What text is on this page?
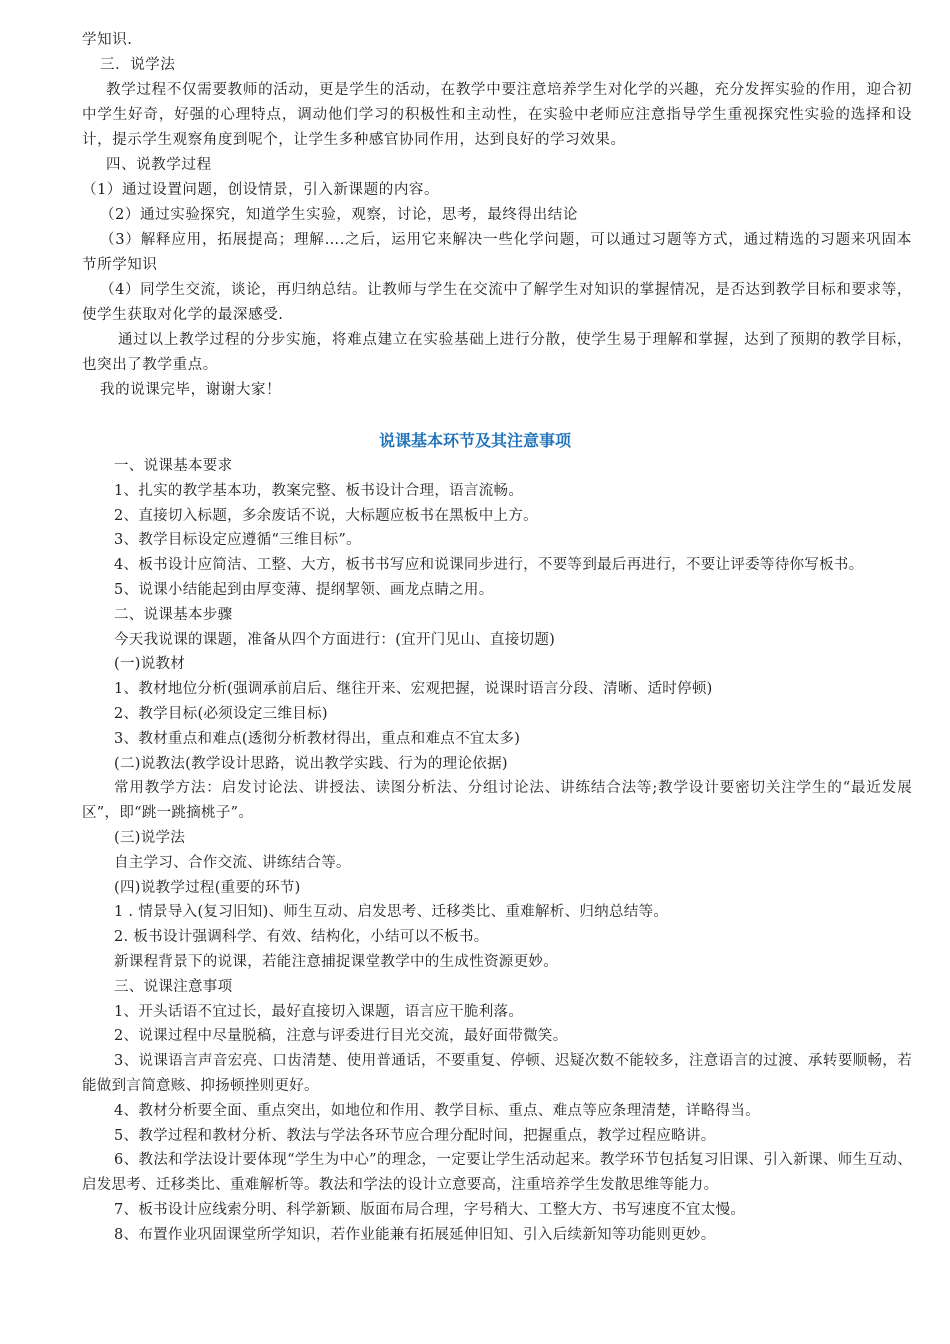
学知识.

三．说学法

教学过程不仅需要教师的活动，更是学生的活动，在教学中要注意培养学生对化学的兴趣，充分发挥实验的作用，迎合初中学生好奇，好强的心理特点，调动他们学习的积极性和主动性，在实验中老师应注意指导学生重视探究性实验的选择和设计，提示学生观察角度到呢个，让学生多种感官协同作用，达到良好的学习效果。

四、说教学过程

（1）通过设置问题，创设情景，引入新课题的内容。

（2）通过实验探究，知道学生实验，观察，讨论，思考，最终得出结论

（3）解释应用，拓展提高；理解….之后，运用它来解决一些化学问题，可以通过习题等方式，通过精选的习题来巩固本节所学知识

（4）同学生交流，谈论，再归纳总结。让教师与学生在交流中了解学生对知识的掌握情况，是否达到教学目标和要求等，使学生获取对化学的最深感受.

通过以上教学过程的分步实施，将难点建立在实验基础上进行分散，使学生易于理解和掌握，达到了预期的教学目标，也突出了教学重点。

我的说课完毕，谢谢大家！

说课基本环节及其注意事项

一、说课基本要求

1、扎实的教学基本功，教案完整、板书设计合理，语言流畅。

2、直接切入标题，多余废话不说，大标题应板书在黑板中上方。

3、教学目标设定应遵循“三维目标”。

4、板书设计应简洁、工整、大方，板书书写应和说课同步进行，不要等到最后再进行，不要让评委等待你写板书。

5、说课小结能起到由厚变薄、提纲挈领、画龙点睛之用。

二、说课基本步骤

今天我说课的课题，准备从四个方面进行：(宜开门见山、直接切题)

(一)说教材

1、教材地位分析(强调承前启后、继往开来、宏观把握，说课时语言分段、清晰、适时停顿)

2、教学目标(必须设定三维目标)

3、教材重点和难点(透彻分析教材得出，重点和难点不宜太多)

(二)说教法(教学设计思路，说出教学实践、行为的理论依据)

常用教学方法：启发讨论法、讲授法、读图分析法、分组讨论法、讲练结合法等;教学设计要密切关注学生的“最近发展区”，即“跳一跳摘桃子”。

(三)说学法

自主学习、合作交流、讲练结合等。

(四)说教学过程(重要的环节)

1 . 情景导入(复习旧知)、师生互动、启发思考、迁移类比、重难解析、归纳总结等。

2. 板书设计强调科学、有效、结构化，小结可以不板书。

新课程背景下的说课，若能注意捕捉课堂教学中的生成性资源更妙。

三、说课注意事项

1、开头话语不宜过长，最好直接切入课题，语言应干脆利落。

2、说课过程中尽量脱稿，注意与评委进行目光交流，最好面带微笑。

3、说课语言声音宏亮、口齿清楚、使用普通话，不要重复、停顿、迟疑次数不能较多，注意语言的过渡、承转要顺畅，若能做到言简意赅、抑扬顿挫则更好。

4、教材分析要全面、重点突出，如地位和作用、教学目标、重点、难点等应条理清楚，详略得当。

5、教学过程和教材分析、教法与学法各环节应合理分配时间，把握重点，教学过程应略讲。

6、教法和学法设计要体现“学生为中心”的理念，一定要让学生活动起来。教学环节包括复习旧课、引入新课、师生互动、启发思考、迁移类比、重难解析等。教法和学法的设计立意要高，注重培养学生发散思维等能力。

7、板书设计应线索分明、科学新颖、版面布局合理，字号稍大、工整大方、书写速度不宜太慢。

8、布置作业巩固课堂所学知识，若作业能兼有拓展延伸旧知、引入后续新知等功能则更妙。
